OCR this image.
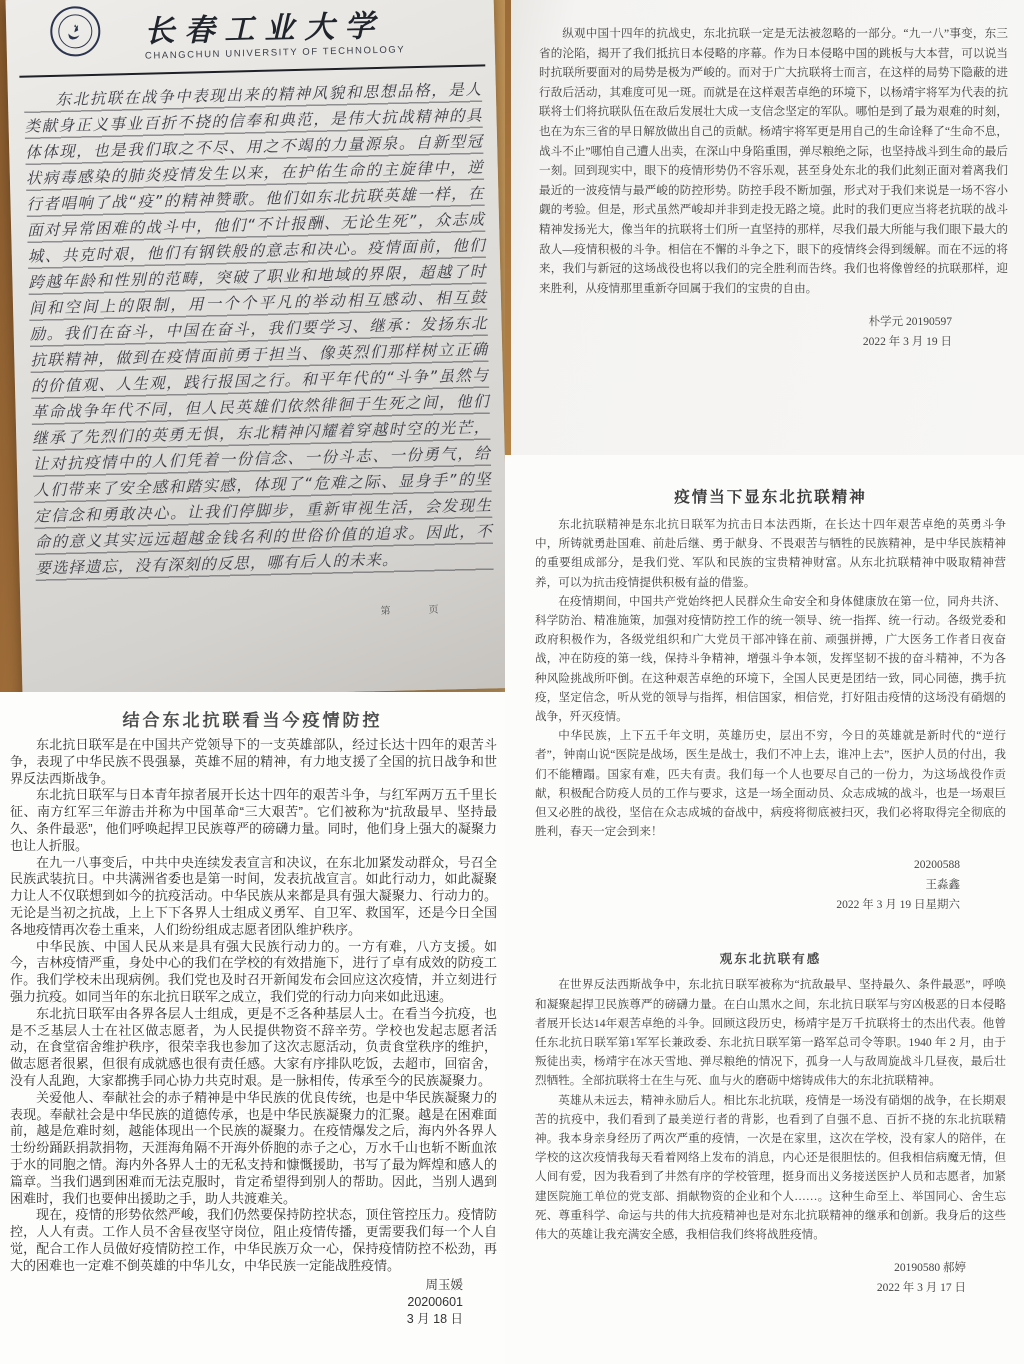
长春工业大学
CHANGCHUN UNIVERSITY OF TECHNOLOGY
东北抗联在战争中表现出来的精神风貌和思想品格，是人类献身正义事业百折不挠的信奉和典范，是伟大抗战精神的具体体现，也是我们取之不尽、用之不竭的力量源泉。自新型冠状病毒感染的肺炎疫情发生以来，在护佑生命的主旋律中，逆行者唱响了战“疫”的精神赞歌。他们如东北抗联英雄一样，在面对异常困难的战斗中，他们“不计报酬、无论生死”，众志成城、共克时艰，他们有钢铁般的意志和决心。疫情面前，他们跨越年龄和性别的范畴，突破了职业和地域的界限，超越了时间和空间上的限制，用一个个平凡的举动相互感动、相互鼓励。我们在奋斗，中国在奋斗，我们要学习、继承：发扬东北抗联精神，做到在疫情面前勇于担当、像英烈们那样树立正确的价值观、人生观，践行报国之行。和平年代的“斗争”虽然与革命战争年代不同，但人民英雄们依然徘徊于生死之间，他们继承了先烈们的英勇无惧，东北精神闪耀着穿越时空的光芒，让对抗疫情中的人们凭着一份信念、一份斗志、一份勇气，给人们带来了安全感和踏实感，体现了“危难之际、显身手”的坚定信念和勇敢决心。让我们停脚步，重新审视生活，会发现生命的意义其实远远超越金钱名利的世俗价值的追求。因此，不要选择遗忘，没有深刻的反思，哪有后人的未来。
第　页

纵观中国十四年的抗战史，东北抗联一定是无法被忽略的一部分。“九一八”事变，东三省的沦陷，揭开了我们抵抗日本侵略的序幕。作为日本侵略中国的跳板与大本营，可以说当时抗联所要面对的局势是极为严峻的。而对于广大抗联将士而言，在这样的局势下隐蔽的进行敌后活动，其难度可见一斑。而就是在这样艰苦卓绝的环境下，以杨靖宇将军为代表的抗联将士们将抗联队伍在敌后发展壮大成一支信念坚定的军队。哪怕是到了最为艰难的时刻，也在为东三省的早日解放做出自己的贡献。杨靖宇将军更是用自己的生命诠释了“生命不息，战斗不止”哪怕自己遭人出卖，在深山中身陷重围，弹尽粮绝之际，也坚持战斗到生命的最后一刻。回到现实中，眼下的疫情形势仍不容乐观，甚至身处东北的我们此刻正面对着离我们最近的一波疫情与最严峻的防控形势。防控手段不断加强，形式对于我们来说是一场不容小觑的考验。但是，形式虽然严峻却并非到走投无路之境。此时的我们更应当将老抗联的战斗精神发扬光大，像当年的抗联将士们所一直坚持的那样，尽我们最大所能与我们眼下最大的敌人—疫情积极的斗争。相信在不懈的斗争之下，眼下的疫情终会得到缓解。而在不远的将来，我们与新冠的这场战役也将以我们的完全胜利而告终。我们也将像曾经的抗联那样，迎来胜利，从疫情那里重新夺回属于我们的宝贵的自由。

朴学元 20190597
2022 年 3 月 19 日
结合东北抗联看当今疫情防控

东北抗日联军是在中国共产党领导下的一支英雄部队，经过长达十四年的艰苦斗争，表现了中华民族不畏强暴，英雄不屈的精神，有力地支援了全国的抗日战争和世界反法西斯战争。

东北抗日联军与日本青年掠者展开长达十四年的艰苦斗争，与红军两万五千里长征、南方红军三年游击并称为中国革命“三大艰苦”。它们被称为“抗敌最早、坚持最久、条件最恶”，他们呼唤起捍卫民族尊严的磅礴力量。同时，他们身上强大的凝聚力也让人折服。

在九一八事变后，中共中央连续发表宣言和决议，在东北加紧发动群众，号召全民族武装抗日。中共满洲省委也是第一时间，发表抗战宣言。如此行动力，如此凝聚力让人不仅联想到如今的抗疫活动。中华民族从来都是具有强大凝聚力、行动力的。无论是当初之抗战，上上下下各界人士组成义勇军、自卫军、救国军，还是今日全国各地疫情再次卷土重来，人们纷纷组成志愿者团队维护秩序。

中华民族、中国人民从来是具有强大民族行动力的。一方有难，八方支援。如今，吉林疫情严重，身处中心的我们在学校的有效措施下，进行了卓有成效的防疫工作。我们学校未出现病例。我们党也及时召开新闻发布会回应这次疫情，并立刻进行强力抗疫。如同当年的东北抗日联军之成立，我们党的行动力向来如此迅速。

东北抗日联军由各界各层人士组成，更是不乏各种基层人士。在看当今抗疫，也是不乏基层人士在社区做志愿者，为人民提供物资不辞辛劳。学校也发起志愿者活动，在食堂宿舍维护秩序，很荣幸我也参加了这次志愿活动，负责食堂秩序的维护，做志愿者很累，但很有成就感也很有责任感。大家有序排队吃饭，去超市，回宿舍，没有人乱跑，大家都携手同心协力共克时艰。是一脉相传，传承至今的民族凝聚力。

关爱他人、奉献社会的赤子精神是中华民族的优良传统，也是中华民族凝聚力的表现。奉献社会是中华民族的道德传承，也是中华民族凝聚力的汇聚。越是在困难面前，越是危难时刻，越能体现出一个民族的凝聚力。在疫情爆发之后，海内外各界人士纷纷踊跃捐款捐物，天涯海角隔不开海外侨胞的赤子之心，万水千山也斩不断血浓于水的同胞之情。海内外各界人士的无私支持和慷慨援助，书写了最为辉煌和感人的篇章。当我们遇到困难而无法克服时，肯定希望得到别人的帮助。因此，当别人遇到困难时，我们也要伸出援助之手，助人共渡难关。

现在，疫情的形势依然严峻，我们仍然要保持防控状态，顶住管控压力。疫情防控，人人有责。工作人员不舍昼夜坚守岗位，阻止疫情传播，更需要我们每一个人自觉，配合工作人员做好疫情防控工作，中华民族万众一心，保持疫情防控不松劲，再大的困难也一定难不倒英雄的中华儿女，中华民族一定能战胜疫情。

周玉媛
20200601
3 月 18 日
疫情当下显东北抗联精神

东北抗联精神是东北抗日联军为抗击日本法西斯，在长达十四年艰苦卓绝的英勇斗争中，所铸就勇赴国难、前赴后继、勇于献身、不畏艰苦与牺牲的民族精神，是中华民族精神的重要组成部分，是我们党、军队和民族的宝贵精神财富。从东北抗联精神中吸取精神营养，可以为抗击疫情提供积极有益的借鉴。

在疫情期间，中国共产党始终把人民群众生命安全和身体健康放在第一位，同舟共济、科学防治、精准施策，加强对疫情防控工作的统一领导、统一指挥、统一行动。各级党委和政府积极作为，各级党组织和广大党员干部冲锋在前、顽强拼搏，广大医务工作者日夜奋战，冲在防疫的第一线，保持斗争精神，增强斗争本领，发挥坚韧不拔的奋斗精神，不为各种风险挑战所吓倒。在这种艰苦卓绝的环境下，全国人民更是团结一致，同心同德，携手抗疫，坚定信念，听从党的领导与指挥，相信国家，相信党，打好阻击疫情的这场没有硝烟的战争，歼灭疫情。

中华民族，上下五千年文明，英雄历史，层出不穷，今日的英雄就是新时代的“逆行者”，钟南山说“医院是战场，医生是战士，我们不冲上去，谁冲上去”，医护人员的付出，我们不能糟蹋。国家有难，匹夫有责。我们每一个人也要尽自己的一份力，为这场战役作贡献，积极配合防疫人员的工作与要求，这是一场全面动员、众志成城的战斗，也是一场艰巨但又必胜的战役，坚信在众志成城的奋战中，病疫将彻底被扫灭，我们必将取得完全彻底的胜利，春天一定会到来！

20200588
王淼鑫
2022 年 3 月 19 日星期六
观东北抗联有感

在世界反法西斯战争中，东北抗日联军被称为“抗敌最早、坚持最久、条件最恶”，呼唤和凝聚起捍卫民族尊严的磅礴力量。在白山黑水之间，东北抗日联军与穷凶极恶的日本侵略者展开长达14年艰苦卓绝的斗争。回顾这段历史，杨靖宇是万千抗联将士的杰出代表。他曾任东北抗日联军第1军军长兼政委、东北抗日联军第一路军总司令等职。1940 年 2 月，由于叛徒出卖，杨靖宇在冰天雪地、弹尽粮绝的情况下，孤身一人与敌周旋战斗几昼夜，最后壮烈牺牲。全部抗联将士在生与死、血与火的磨砺中熔铸成伟大的东北抗联精神。

英雄从未远去，精神永励后人。相比东北抗联，疫情是一场没有硝烟的战争，在长期艰苦的抗疫中，我们看到了最美逆行者的背影，也看到了自强不息、百折不挠的东北抗联精神。我本身亲身经历了两次严重的疫情，一次是在家里，这次在学校，没有家人的陪伴，在学校的这次疫情我每天看着网络上发布的消息，内心还是很胆怯的。但我相信病魔无情，但人间有爱，因为我看到了井然有序的学校管理，挺身而出义务接送医护人员和志愿者，加紧建医院施工单位的党支部、捐献物资的企业和个人……。这种生命至上、举国同心、舍生忘死、尊重科学、命运与共的伟大抗疫精神也是对东北抗联精神的继承和创新。我身后的这些伟大的英雄让我充满安全感，我相信我们终将战胜疫情。

20190580 郝婷
2022 年 3 月 17 日
